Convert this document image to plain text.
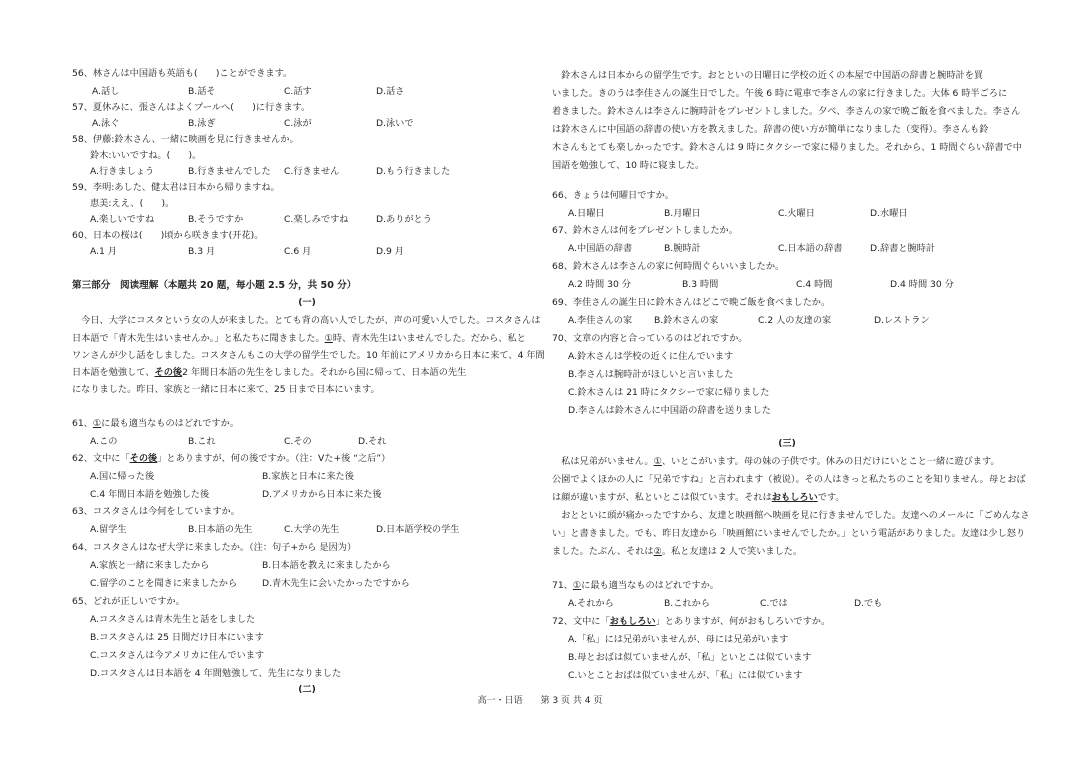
56、林さんは中国語も英語も(　　)ことができます。
A.話し	B.話そ	C.話す	D.話さ
57、夏休みに、張さんはよくプールへ(　　)に行きます。
A.泳ぐ	B.泳ぎ	C.泳が	D.泳いで
58、伊藤:鈴木さん、一緒に映画を見に行きませんか。
鈴木:いいですね。(　　)。
A.行きましょう	B.行きませんでした C.行きません	D.もう行きました
59、李明:あした、健太君は日本から帰りますね。
恵美:ええ、(　　)。
A.楽しいですね	B.そうですか	C.楽しみですね	D.ありがとう
60、日本の桜は(　　)頃から咲きます(开花)。
A.1 月	B.3 月	C.6 月	D.9 月
第三部分　阅读理解（本题共 20 题，每小题 2.5 分，共 50 分）
(一)
　今日、大学にコスタという女の人が来ました。とても背の高い人でしたが、声の可愛い人でした。コスタさんは
日本語で「青木先生はいませんか。」と私たちに聞きました。①時、青木先生はいませんでした。だから、私と
ワンさんが少し話をしました。コスタさんもこの大学の留学生でした。10 年前にアメリカから日本に来て、4 年間
日本語を勉強して、その後2 年間日本語の先生をしました。それから国に帰って、日本語の先生
になりました。昨日、家族と一緒に日本に来て、25 日まで日本にいます。
61、①に最も適当なものはどれですか。
A.この	B.これ	C.その	D.それ
62、文中に「その後」とありますが、何の後ですか。（注：Vた+後 “之后”）
A.国に帰った後	B.家族と日本に来た後
C.4 年間日本語を勉強した後	D.アメリカから日本に来た後
63、コスタさんは今何をしていますか。
A.留学生	B.日本語の先生	C.大学の先生	D.日本語学校の学生
64、コスタさんはなぜ大学に来ましたか。（注：句子+から 是因为）
A.家族と一緒に来ましたから	B.日本語を教えに来ましたから
C.留学のことを聞きに来ましたから	D.青木先生に会いたかったですから
65、どれが正しいですか。
A.コスタさんは青木先生と話をしました
B.コスタさんは 25 日間だけ日本にいます
C.コスタさんは今アメリカに住んでいます
D.コスタさんは日本語を 4 年間勉強して、先生になりました
(二)
　鈴木さんは日本からの留学生です。おとといの日曜日に学校の近くの本屋で中国語の辞書と腕時計を買
いました。きのうは李佳さんの誕生日でした。午後 6 時に電車で李さんの家に行きました。大体 6 時半ごろに
着きました。鈴木さんは李さんに腕時計をプレゼントしました。夕べ、李さんの家で晩ご飯を食べました。李さん
は鈴木さんに中国語の辞書の使い方を教えました。辞書の使い方が簡単になりました（变得）。李さんも鈴
木さんもとても楽しかったです。鈴木さんは 9 時にタクシーで家に帰りました。それから、1 時間ぐらい辞書で中
国語を勉強して、10 時に寝ました。
66、きょうは何曜日ですか。
A.日曜日	B.月曜日	C.火曜日	D.水曜日
67、鈴木さんは何をプレゼントしましたか。
A.中国語の辞書	B.腕時計	C.日本語の辞書	D.辞書と腕時計
68、鈴木さんは李さんの家に何時間ぐらいいましたか。
A.2 時間 30 分	B.3 時間	C.4 時間	D.4 時間 30 分
69、李佳さんの誕生日に鈴木さんはどこで晩ご飯を食べましたか。
A.李佳さんの家 B.鈴木さんの家	C.2 人の友達の家	D.レストラン
70、文章の内容と合っているのはどれですか。
A.鈴木さんは学校の近くに住んでいます
B.李さんは腕時計がほしいと言いました
C.鈴木さんは 21 時にタクシーで家に帰りました
D.李さんは鈴木さんに中国語の辞書を送りました
(三)
　私は兄弟がいません。①、いとこがいます。母の妹の子供です。休みの日だけにいとこと一緒に遊びます。
公園でよくほかの人に「兄弟ですね」と言われます（被说）。その人はきっと私たちのことを知りません。母とおば
は顔が違いますが、私といとこは似ています。それはおもしろいです。
　おとといに頭が痛かったですから、友達と映画館へ映画を見に行きませんでした。友達へのメールに「ごめんなさ
い」と書きました。でも、昨日友達から「映画館にいませんでしたか。」という電話がありました。友達は少し怒り
ました。たぶん、それは②。私と友達は 2 人で笑いました。
71、①に最も適当なものはどれですか。
A.それから	B.これから	C.では	D.でも
72、文中に「おもしろい」とありますが、何がおもしろいですか。
A.「私」には兄弟がいませんが、母には兄弟がいます
B.母とおばは似ていませんが、「私」といとこは似ています
C.いとことおばは似ていませんが、「私」には似ています
高一・日语　　第 3 页 共 4 页
